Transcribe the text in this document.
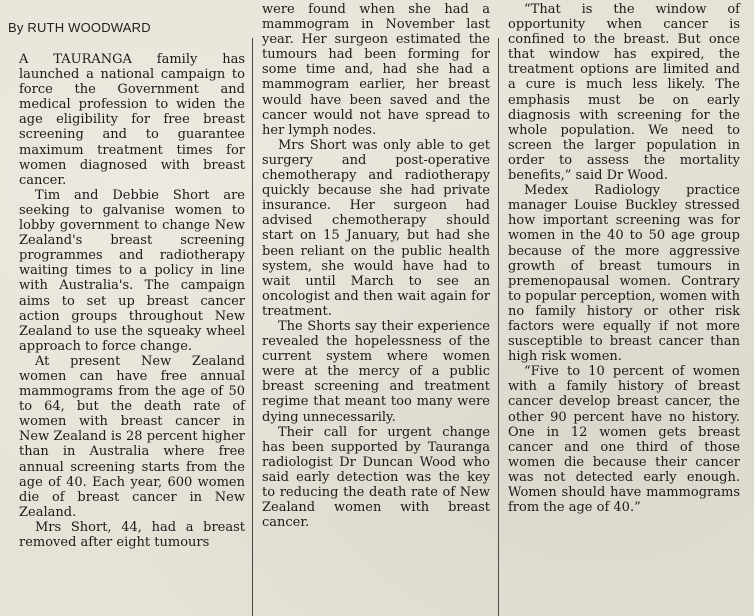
By RUTH WOODWARD

A TAURANGA family has launched a national campaign to force the Government and medical profession to widen the age eligibility for free breast screening and to guarantee maximum treatment times for women diagnosed with breast cancer.

Tim and Debbie Short are seeking to galvanise women to lobby government to change New Zealand's breast screening programmes and radiotherapy waiting times to a policy in line with Australia's. The campaign aims to set up breast cancer action groups throughout New Zealand to use the squeaky wheel approach to force change.

At present New Zealand women can have free annual mammograms from the age of 50 to 64, but the death rate of women with breast cancer in New Zealand is 28 percent higher than in Australia where free annual screening starts from the age of 40. Each year, 600 women die of breast cancer in New Zealand.

Mrs Short, 44, had a breast removed after eight tumours

were found when she had a mammogram in November last year. Her surgeon estimated the tumours had been forming for some time and, had she had a mammogram earlier, her breast would have been saved and the cancer would not have spread to her lymph nodes.

Mrs Short was only able to get surgery and post-operative chemotherapy and radiotherapy quickly because she had private insurance. Her surgeon had advised chemotherapy should start on 15 January, but had she been reliant on the public health system, she would have had to wait until March to see an oncologist and then wait again for treatment.

The Shorts say their experience revealed the hopelessness of the current system where women were at the mercy of a public breast screening and treatment regime that meant too many were dying unnecessarily.

Their call for urgent change has been supported by Tauranga radiologist Dr Duncan Wood who said early detection was the key to reducing the death rate of New Zealand women with breast cancer.

“That is the window of opportunity when cancer is confined to the breast. But once that window has expired, the treatment options are limited and a cure is much less likely. The emphasis must be on early diagnosis with screening for the whole population. We need to screen the larger population in order to assess the mortality benefits,” said Dr Wood.

Medex Radiology practice manager Louise Buckley stressed how important screening was for women in the 40 to 50 age group because of the more aggressive growth of breast tumours in premenopausal women. Contrary to popular perception, women with no family history or other risk factors were equally if not more susceptible to breast cancer than high risk women.

“Five to 10 percent of women with a family history of breast cancer develop breast cancer, the other 90 percent have no history. One in 12 women gets breast cancer and one third of those women die because their cancer was not detected early enough. Women should have mammograms from the age of 40.”
